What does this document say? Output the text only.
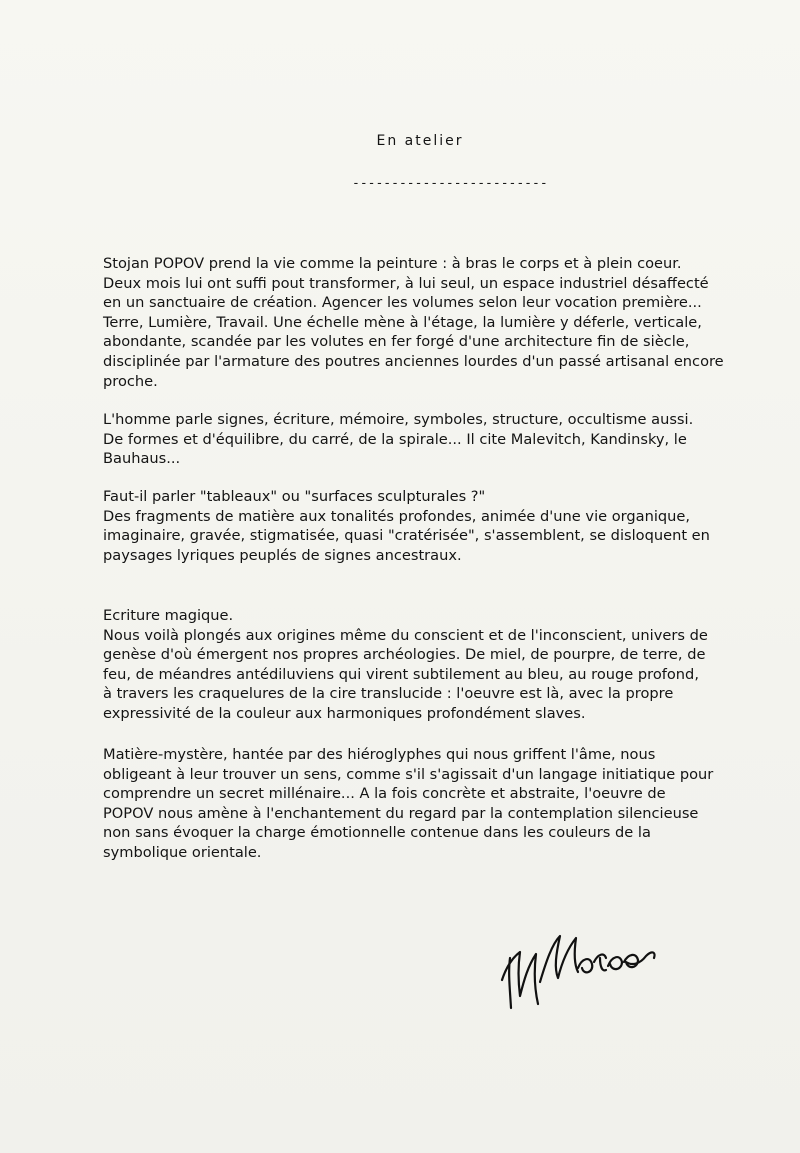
En atelier
-------------------------
Stojan POPOV prend la vie comme la peinture : à bras le corps et à plein coeur.
Deux mois lui ont suffi pout transformer, à lui seul, un espace industriel désaffecté
en un sanctuaire de création. Agencer les volumes selon leur vocation première...
Terre, Lumière, Travail. Une échelle mène à l'étage, la lumière y déferle, verticale,
abondante, scandée par les volutes en fer forgé d'une architecture fin de siècle,
disciplinée par l'armature des poutres anciennes lourdes d'un passé artisanal encore
proche.
L'homme parle signes, écriture, mémoire, symboles, structure, occultisme aussi.
De formes et d'équilibre, du carré, de la spirale... Il cite Malevitch, Kandinsky, le
Bauhaus...
Faut-il parler "tableaux" ou "surfaces sculpturales ?"
Des fragments de matière aux tonalités profondes, animée d'une vie organique,
imaginaire, gravée, stigmatisée, quasi "cratérisée", s'assemblent, se disloquent en
paysages lyriques peuplés de signes ancestraux.
Ecriture magique.
Nous voilà plongés aux origines même du conscient et de l'inconscient, univers de
genèse d'où émergent nos propres archéologies. De miel, de pourpre, de terre, de
feu, de méandres antédiluviens qui virent subtilement au bleu, au rouge profond,
à travers les craquelures de la cire translucide : l'oeuvre est là, avec la propre
expressivité de la couleur aux harmoniques profondément slaves.
Matière-mystère, hantée par des hiéroglyphes qui nous griffent l'âme, nous
obligeant à leur trouver un sens, comme s'il s'agissait d'un langage initiatique pour
comprendre un secret millénaire... A la fois concrète et abstraite, l'oeuvre de
POPOV nous amène à l'enchantement du regard par la contemplation silencieuse
non sans évoquer la charge émotionnelle contenue dans les couleurs de la
symbolique orientale.
